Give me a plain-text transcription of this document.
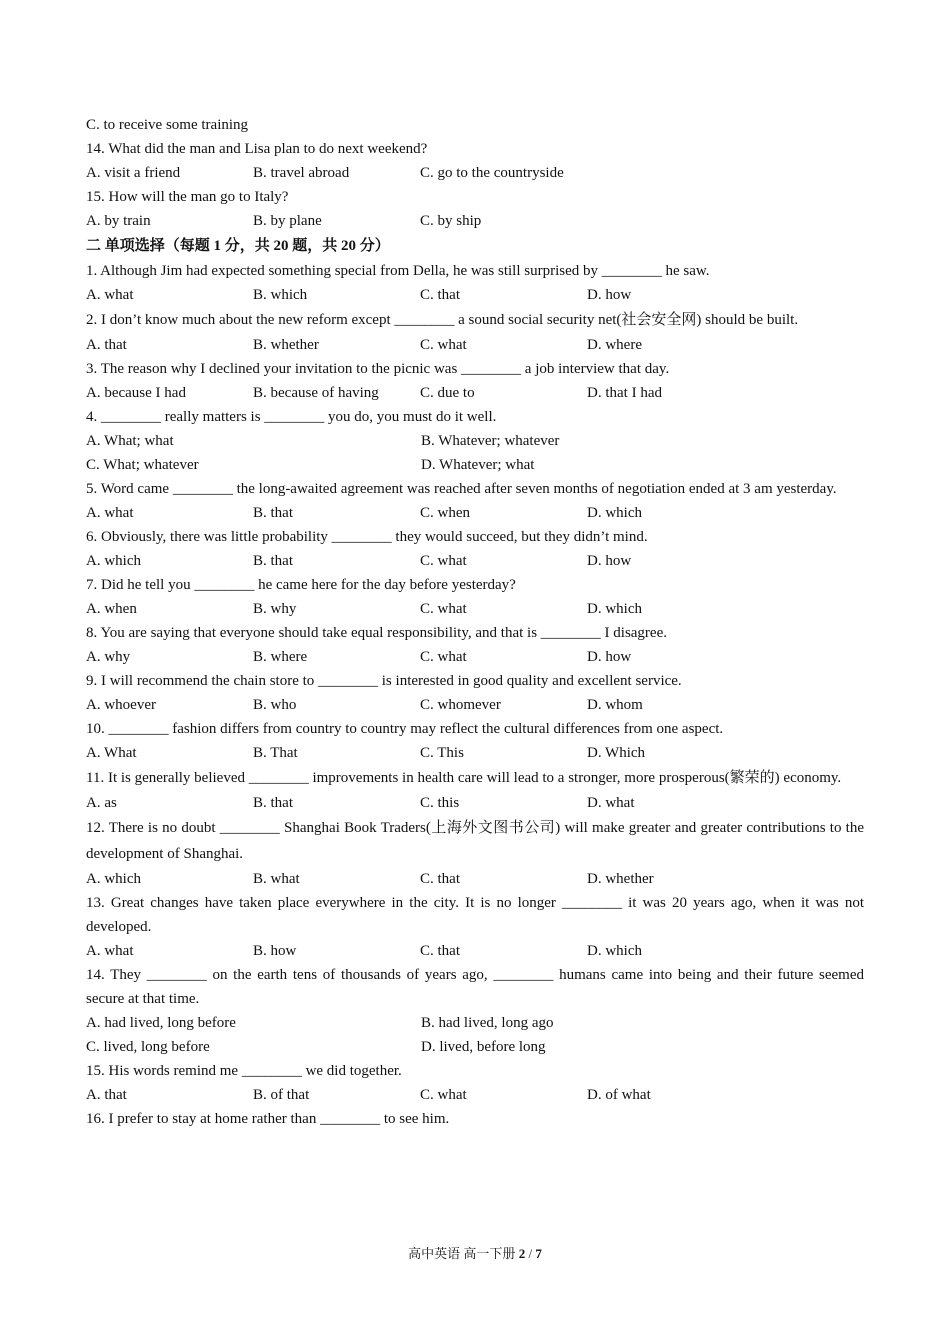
C. to receive some training
14. What did the man and Lisa plan to do next weekend?
A. visit a friend	B. travel abroad	C. go to the countryside
15. How will the man go to Italy?
A. by train	B. by plane	C. by ship
二 单项选择（每题 1 分，共 20 题，共 20 分）
1. Although Jim had expected something special from Della, he was still surprised by ________ he saw.
A. what	B. which	C. that	D. how
2. I don’t know much about the new reform except ________ a sound social security net(社会安全网) should be built.
A. that	B. whether	C. what	D. where
3. The reason why I declined your invitation to the picnic was ________ a job interview that day.
A. because I had	B. because of having	C. due to	D. that I had
4. ________ really matters is ________ you do, you must do it well.
A. What; what	B. Whatever; whatever
C. What; whatever	D. Whatever; what
5. Word came ________ the long-awaited agreement was reached after seven months of negotiation ended at 3 am yesterday.
A. what	B. that	C. when	D. which
6. Obviously, there was little probability ________ they would succeed, but they didn’t mind.
A. which	B. that	C. what	D. how
7. Did he tell you ________ he came here for the day before yesterday?
A. when	B. why	C. what	D. which
8. You are saying that everyone should take equal responsibility, and that is ________ I disagree.
A. why	B. where	C. what	D. how
9. I will recommend the chain store to ________ is interested in good quality and excellent service.
A. whoever	B. who	C. whomever	D. whom
10. ________ fashion differs from country to country may reflect the cultural differences from one aspect.
A. What	B. That	C. This	D. Which
11. It is generally believed ________ improvements in health care will lead to a stronger, more prosperous(繁荣的) economy.
A. as	B. that	C. this	D. what
12. There is no doubt ________ Shanghai Book Traders(上海外文图书公司) will make greater and greater contributions to the development of Shanghai.
A. which	B. what	C. that	D. whether
13. Great changes have taken place everywhere in the city. It is no longer ________ it was 20 years ago, when it was not developed.
A. what	B. how	C. that	D. which
14. They ________ on the earth tens of thousands of years ago, ________ humans came into being and their future seemed secure at that time.
A. had lived, long before	B. had lived, long ago
C. lived, long before	D. lived, before long
15. His words remind me ________ we did together.
A. that	B. of that	C. what	D. of what
16. I prefer to stay at home rather than ________ to see him.
高中英语 高一下册 2 / 7
